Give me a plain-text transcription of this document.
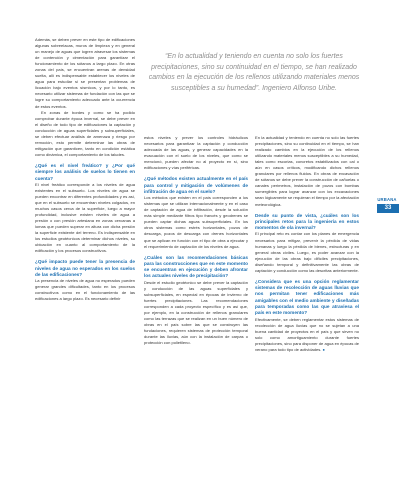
Además, se deben prever en este tipo de edificaciones algunas sobreelacas, muros de limpieza y en general un manejo de aguas que logren atravesar los sistemas de contención y cimentación para garantizar el funcionamiento de los sótanos a largo plazo. En otras zonas del país, se encuentran arenas de densidad suelta, allí es indispensable establecer los niveles de agua para estudiar si se presentan problemas de licuación bajo eventos sísmicos, y por lo tanto, es necesario utilizar sistemas de fundación con las que se logre su comportamiento adecuado ante la ocurrencia de estos eventos.

En zonas de bordes y como se ha podido comprobar durante época invernal, se debe prever en el diseño de todo tipo de edificaciones la captación y conducción de aguas superficiales y subsuperficiales, se deben efectuar análisis de amenaza y riesgo por remoción, esto permite determinar las obras de mitigación que garanticen, tanto en condición estática como dinámica, el comportamiento de los taludes.

¿Qué es el nivel freático? y ¿Por qué siempre los análisis de suelos lo tienen en cuenta?

El nivel freático corresponde a los niveles de agua existentes en el subsuelo. Los niveles de agua se pueden encontrar en diferentes profundidades y es así, que en el subsuelo se encuentran niveles colgados, en muchos casos cerca de la superficie, luego a mayor profundidad, inclusive existen niveles de agua a presión o con presión artesiana en zonas cercanas a lomas que pueden superar en altura con dicha presión la superficie existente del terreno. Es indispensable en los estudios geotécnicos determinar dichos niveles, su ubicación en cuanto al comportamiento de la edificación y los procesos constructivos.

¿Qué impacto puede tener la presencia de niveles de agua no esperados en los suelos de las edificaciones?

La presencia de niveles de agua no esperados pueden generar grandes dificultades, tanto en los procesos constructivos como en el funcionamiento de las edificaciones a largo plazo. Es necesario definir

“En lo actualidad y teniendo en cuenta no solo los fuertes precipitaciones, sino su continuidad en el tiempo, se han realizado cambios en la ejecución de los rellenos utilizando materiales menos susceptibles a su humedad”. Ingeniero Alfonso Uribe.

estos niveles y prever los controles hidráulicos necesarios para garantizar la captación y conducción adecuada de las aguas, y generar capacidades en la evacuación con el suelo de los niveles, que como se mencionó, pueden afectar no al proyecto en sí, sino edificaciones y vías periféricas.

¿Qué métodos existen actualmente en el país para control y mitigación de volúmenes de infiltración de agua en el suelo?

Los métodos que existen en el país corresponden a los sistemas que se utilizan internacionalmente y en el caso de captación de agua de infiltración, desde la solución más simple mediante filtros tipo francés y geodrenes se pueden captar dichas aguas subsuperficiales. En los otros sistemas como estrés horizontales, pozos de descarga, pozos de descarga con drenes horizontales que se aplican en función con el tipo de obra a ejecutar y el requerimiento de captación de los niveles de agua.

¿Cuáles son las recomendaciones básicas para las construcciones que en este momento se encuentran en ejecución y deben afrontar los actuales niveles de precipitación?

Desde el estudio geotécnico se debe prever la captación y conducción de las aguas superficiales y subsuperficiales, en especial en épocas de invierno de fuertes precipitaciones. Las recomendaciones corresponden a cada proyecto específico y es así que, por ejemplo, en la construcción de rellenos granulares como las terrazas que se realizan en un buen número de obras en el país sobre las que se construyen las fundaciones, requieren sistemas de protección temporal durante las lluvias, aún con la instalación de carpas o protección con polietileno.

En la actualidad y teniendo en cuenta no solo las fuertes precipitaciones, sino su continuidad en el tiempo, se han realizado cambios en la ejecución de los rellenos utilizando materiales menos susceptibles a su humedad, tales como escorias, concretos estabilizados con cal o aún en casos críticos, modificando dichos rellenos granulares por rellenos fluidos. En obras de excavación de sótanos se debe prever la construcción de cañuelas o canales perimetros, instalación de pozos con bombas sumergibles para lograr avanzar con los excavaciones sean lógicamente se requieran el tiempo por la afectación meteorológica.

Desde su punto de vista, ¿cuáles son los principales retos para la ingeniería en estos momentos de ola invernal?

El principal reto es contar con los planes de emergencia necesarios para mitigar, prevenir la pérdida de vidas humanas y luego la pérdida de bienes, estructuras y en general obras civiles. Luego, es poder avanzar con la ejecución de las obras bajo difíciles precipitaciones, diseñando temporal y definitivamente las obras de captación y conducción como las descritas anteriormente.

¿Considera que es una opción reglamentar sistemas de recolección de aguas lluvias que nos permitan tener edificaciones más amigables con el medio ambiente y diseñadas para temporadas como las que atraviesa el país en este momento?

Efectivamente, se deben reglamentar estos sistemas de recolección de agua lluvias que no se sujetan a una buena cantidad de proyectos en el país y que sirven no solo como amortiguamiento durante fuertes precipitaciones, sino para disponer de agua en épocas de verano para todo tipo de actividades. ●

URBANA
33
